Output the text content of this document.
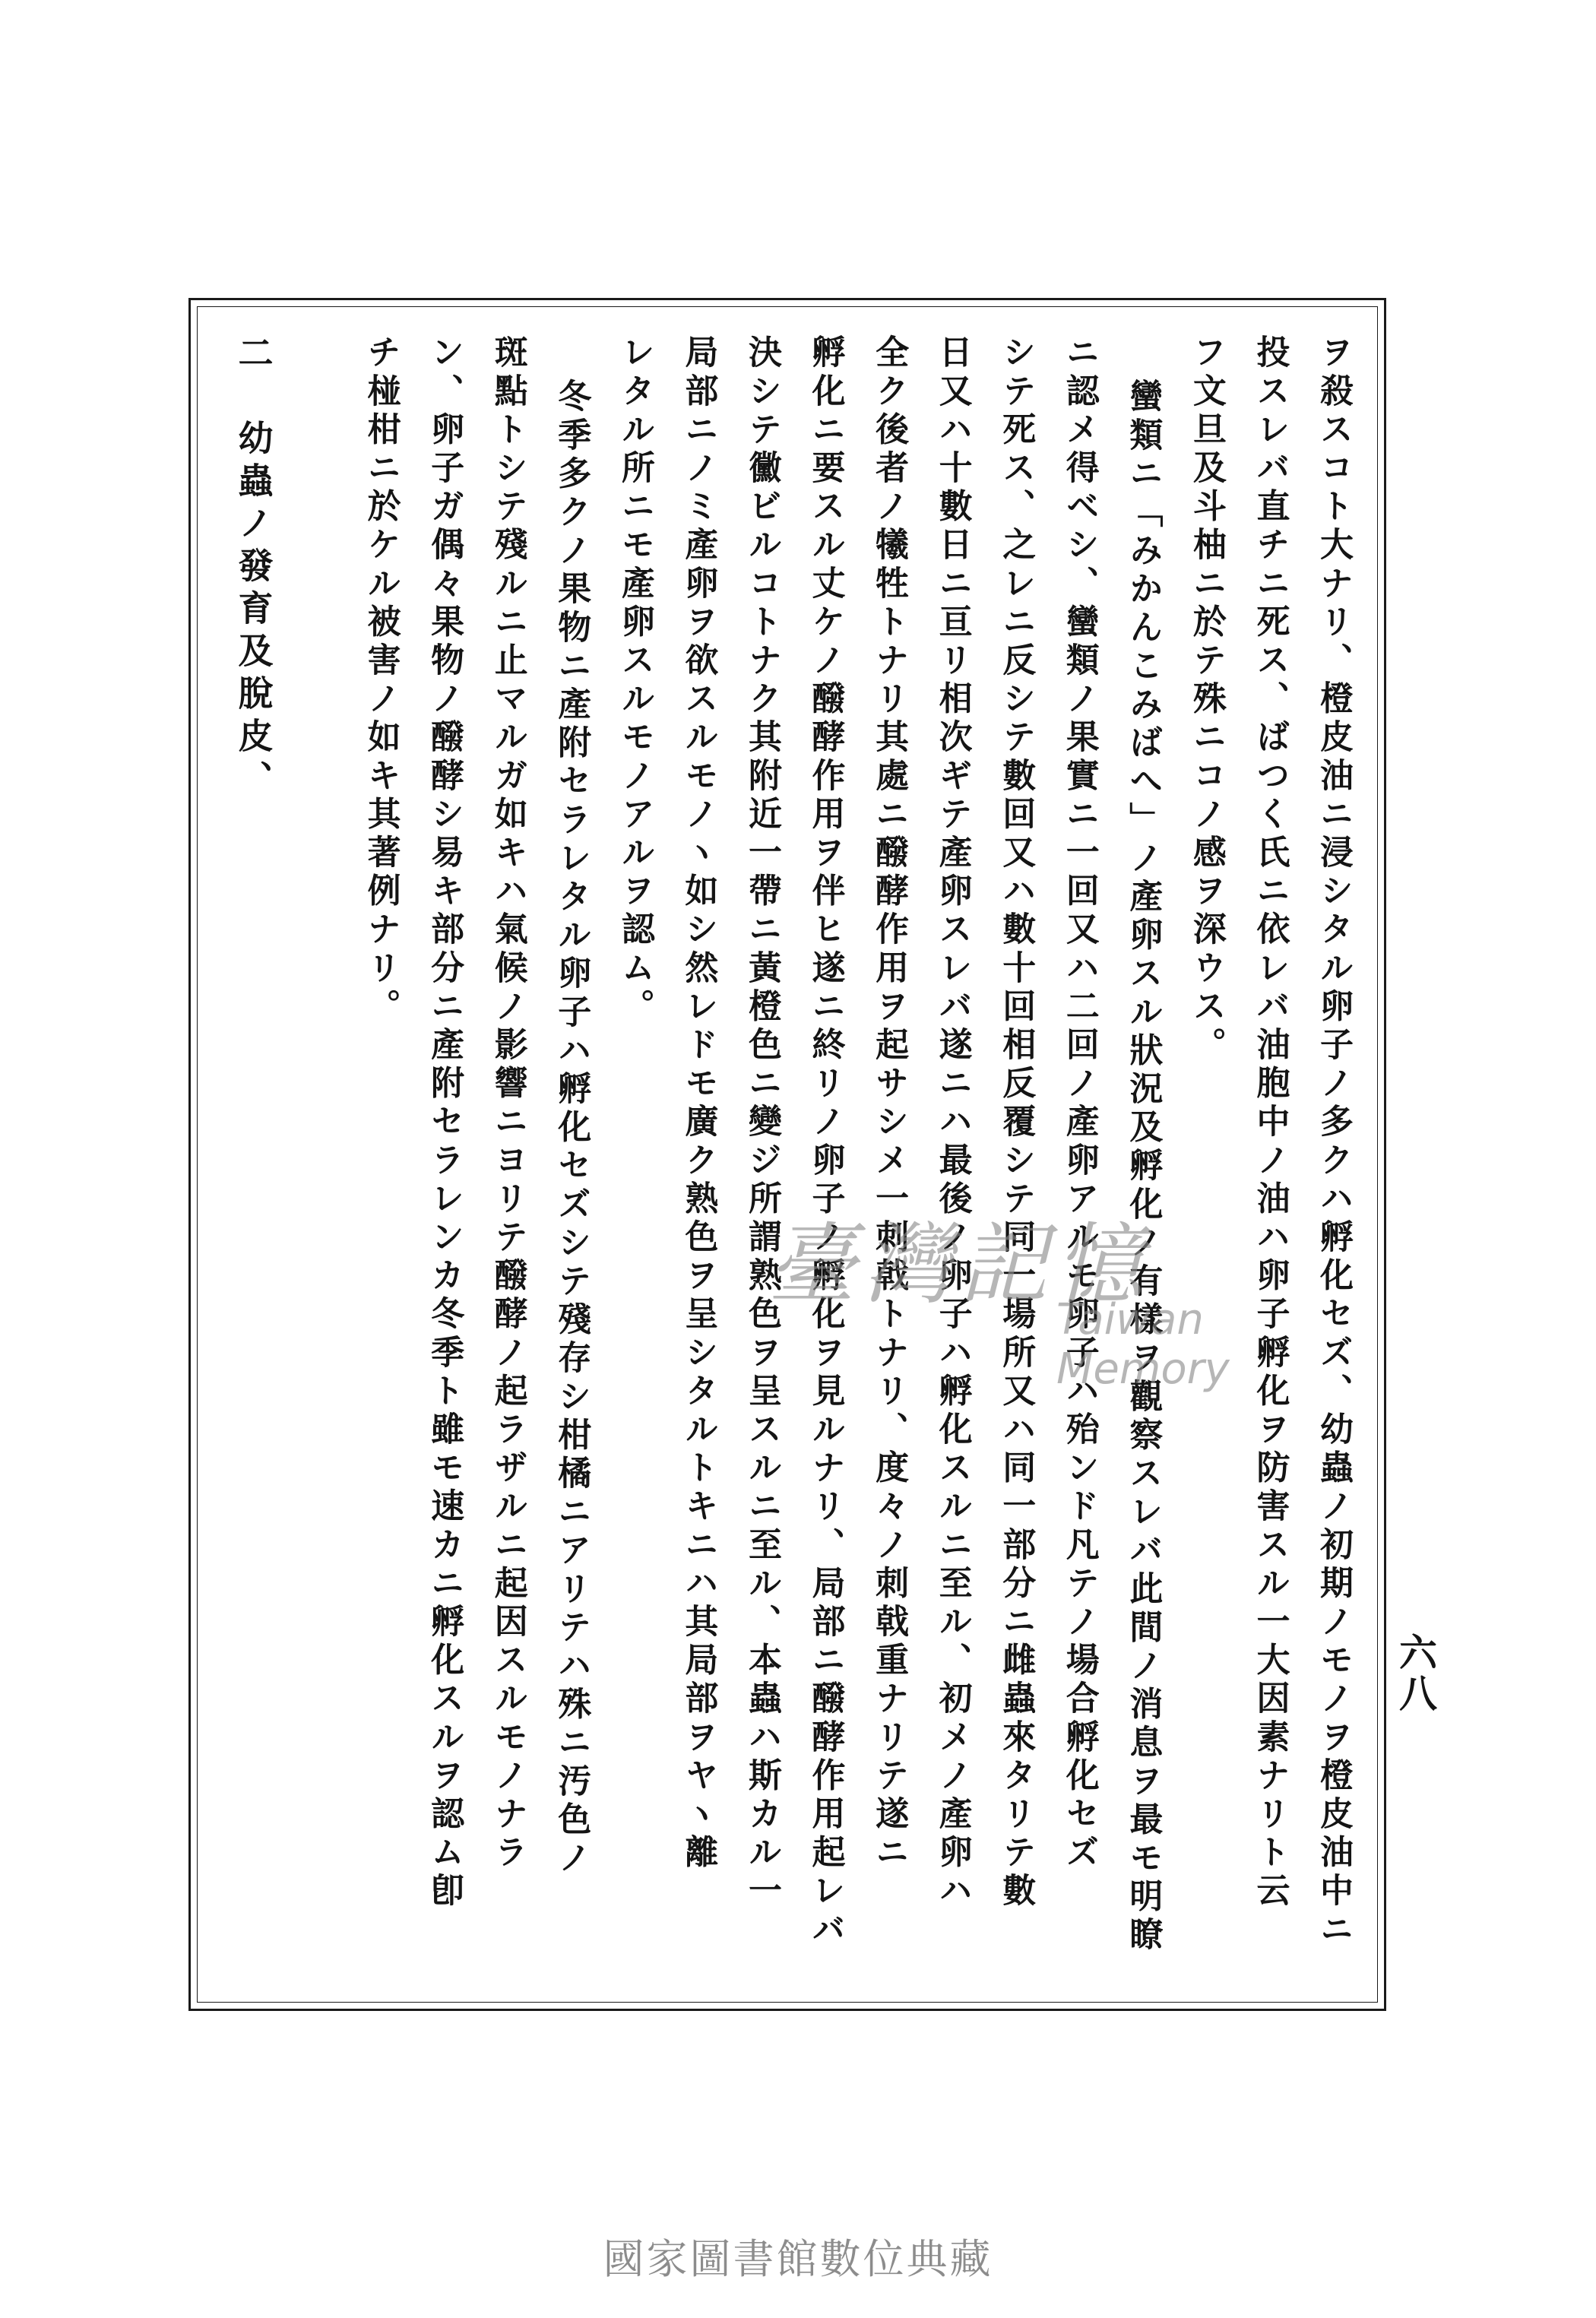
ヲ殺スコト大ナリ、橙皮油ニ浸シタル卵子ノ多クハ孵化セズ、幼蟲ノ初期ノモノヲ橙皮油中ニ
投スレバ直チニ死ス、ばつく氏ニ依レバ油胞中ノ油ハ卵子孵化ヲ防害スル一大因素ナリト云
フ文旦及斗柚ニ於テ殊ニコノ感ヲ深ウス。
蠻類ニ「みかんこみばへ」ノ產卵スル狀況及孵化ノ有樣ヲ觀察スレバ此間ノ消息ヲ最モ明瞭
ニ認メ得ベシ、蠻類ノ果實ニ一回又ハ二回ノ產卵アルモ卵子ハ殆ンド凡テノ場合孵化セズ
シテ死ス、之レニ反シテ數回又ハ數十回相反覆シテ同一場所又ハ同一部分ニ雌蟲來タリテ數
日又ハ十數日ニ亘リ相次ギテ產卵スレバ遂ニハ最後ノ卵子ハ孵化スルニ至ル、初メノ產卵ハ
全ク後者ノ犧牲トナリ其處ニ醱酵作用ヲ起サシメ一刺戟トナリ、度々ノ刺戟重ナリテ遂ニ
孵化ニ要スル丈ケノ醱酵作用ヲ伴ヒ遂ニ終リノ卵子ノ孵化ヲ見ルナリ、局部ニ醱酵作用起レバ
決シテ黴ビルコトナク其附近一帶ニ黃橙色ニ變ジ所謂熟色ヲ呈スルニ至ル、本蟲ハ斯カル一
局部ニノミ產卵ヲ欲スルモノヽ如シ然レドモ廣ク熟色ヲ呈シタルトキニハ其局部ヲヤヽ離
レタル所ニモ產卵スルモノアルヲ認ム。
冬季多クノ果物ニ產附セラレタル卵子ハ孵化セズシテ殘存シ柑橘ニアリテハ殊ニ汚色ノ
斑點トシテ殘ルニ止マルガ如キハ氣候ノ影響ニヨリテ醱酵ノ起ラザルニ起因スルモノナラ
ン、卵子ガ偶々果物ノ醱酵シ易キ部分ニ產附セラレンカ冬季ト雖モ速カニ孵化スルヲ認ム卽
チ椪柑ニ於ケル被害ノ如キ其著例ナリ。
二　幼蟲ノ發育及脫皮、
六八
臺灣記憶
Taiwan Memory
國家圖書館數位典藏
